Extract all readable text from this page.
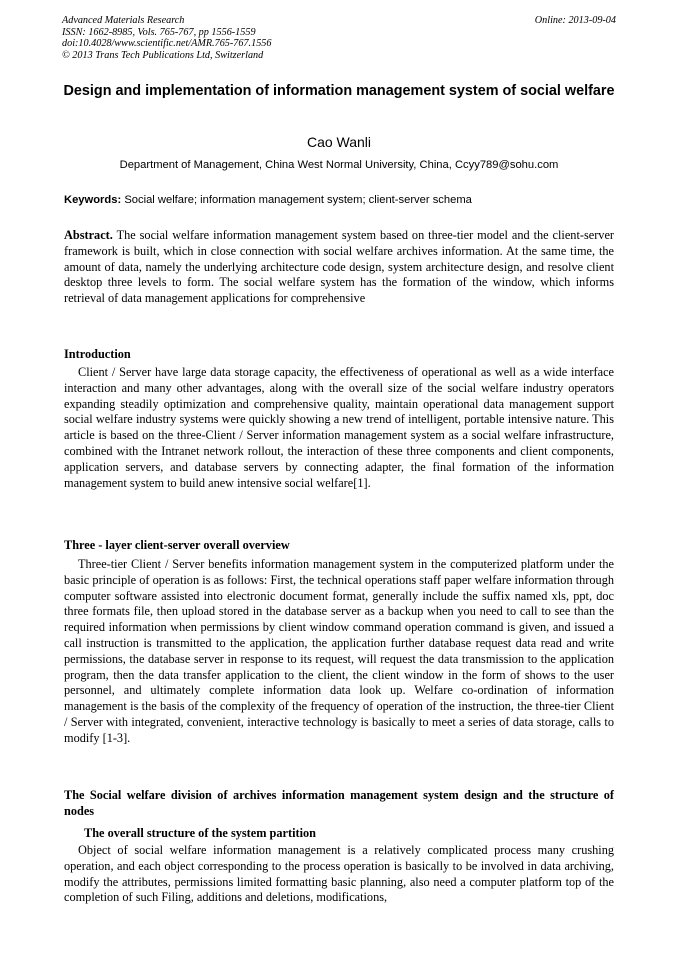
Advanced Materials Research
ISSN: 1662-8985, Vols. 765-767, pp 1556-1559
doi:10.4028/www.scientific.net/AMR.765-767.1556
© 2013 Trans Tech Publications Ltd, Switzerland
Online: 2013-09-04
Design and implementation of information management system of social welfare
Cao Wanli
Department of Management, China West Normal University, China, Ccyy789@sohu.com
Keywords: Social welfare; information management system; client-server schema

Abstract. The social welfare information management system based on three-tier model and the client-server framework is built, which in close connection with social welfare archives information. At the same time, the amount of data, namely the underlying architecture code design, system architecture design, and resolve client desktop three levels to form. The social welfare system has the formation of the window, which informs retrieval of data management applications for comprehensive

Introduction

Client / Server have large data storage capacity, the effectiveness of operational as well as a wide interface interaction and many other advantages, along with the overall size of the social welfare industry operators expanding steadily optimization and comprehensive quality, maintain operational data management support social welfare industry systems were quickly showing a new trend of intelligent, portable intensive nature. This article is based on the three-Client / Server information management system as a social welfare infrastructure, combined with the Intranet network rollout, the interaction of these three components and client components, application servers, and database servers by connecting adapter, the final formation of the information management system to build anew intensive social welfare[1].

Three - layer client-server overall overview

Three-tier Client / Server benefits information management system in the computerized platform under the basic principle of operation is as follows: First, the technical operations staff paper welfare information through computer software assisted into electronic document format, generally include the suffix named xls, ppt, doc three formats file, then upload stored in the database server as a backup when you need to call to see than the required information when permissions by client window command operation command is given, and issued a call instruction is transmitted to the application, the application further database request data read and write permissions, the database server in response to its request, will request the data transmission to the application program, then the data transfer application to the client, the client window in the form of shows to the user personnel, and ultimately complete information data look up. Welfare co-ordination of information management is the basis of the complexity of the frequency of operation of the instruction, the three-tier Client / Server with integrated, convenient, interactive technology is basically to meet a series of data storage, calls to modify [1-3].

The Social welfare division of archives information management system design and the structure of nodes
The overall structure of the system partition

Object of social welfare information management is a relatively complicated process many crushing operation, and each object corresponding to the process operation is basically to be involved in data archiving, modify the attributes, permissions limited formatting basic planning, also need a computer platform top of the completion of such Filing, additions and deletions, modifications,
